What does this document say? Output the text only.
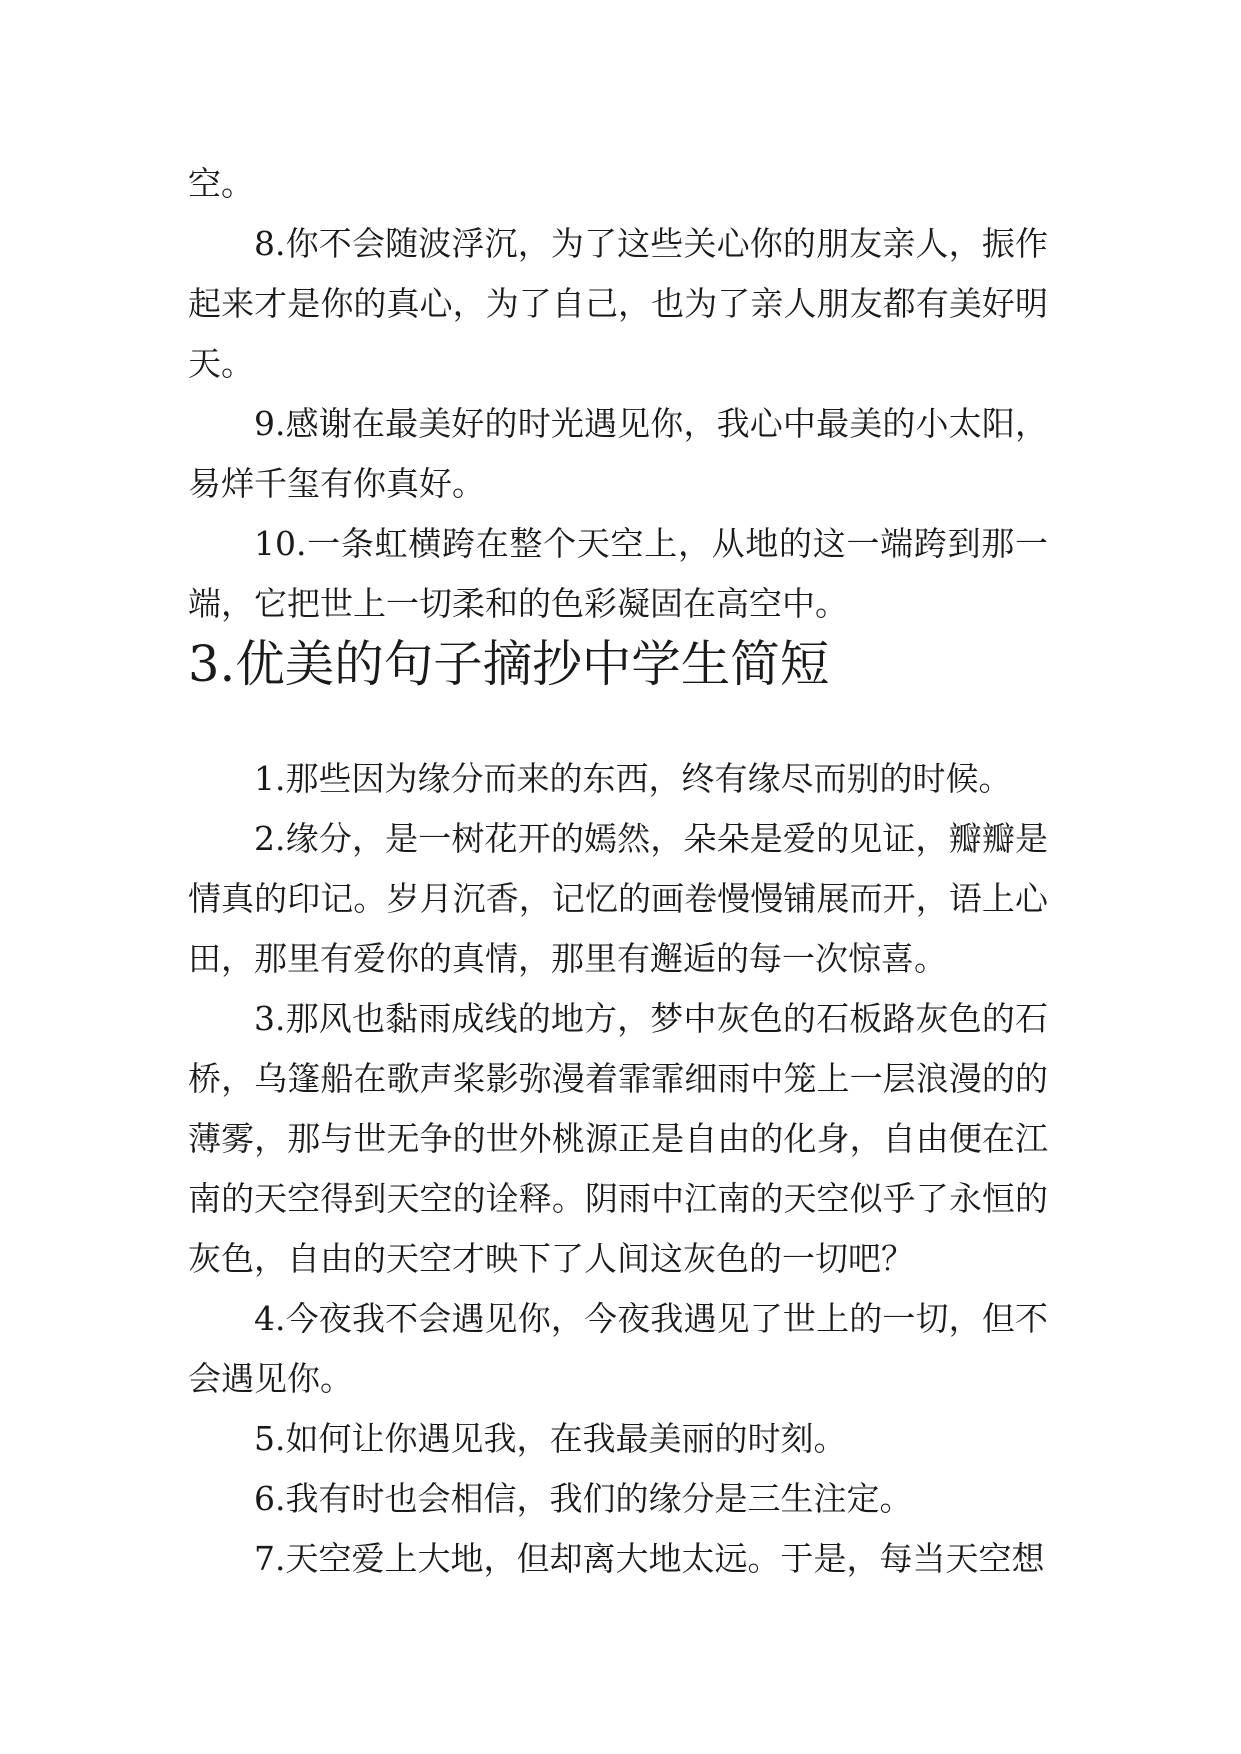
空。

8.你不会随波浮沉，为了这些关心你的朋友亲人，振作起来才是你的真心，为了自己，也为了亲人朋友都有美好明天。

9.感谢在最美好的时光遇见你，我心中最美的小太阳，易烊千玺有你真好。

10.一条虹横跨在整个天空上，从地的这一端跨到那一端，它把世上一切柔和的色彩凝固在高空中。

3.优美的句子摘抄中学生简短

1.那些因为缘分而来的东西，终有缘尽而别的时候。

2.缘分，是一树花开的嫣然，朵朵是爱的见证，瓣瓣是情真的印记。岁月沉香，记忆的画卷慢慢铺展而开，语上心田，那里有爱你的真情，那里有邂逅的每一次惊喜。

3.那风也黏雨成线的地方，梦中灰色的石板路灰色的石桥，乌篷船在歌声桨影弥漫着霏霏细雨中笼上一层浪漫的的薄雾，那与世无争的世外桃源正是自由的化身，自由便在江南的天空得到天空的诠释。阴雨中江南的天空似乎了永恒的灰色，自由的天空才映下了人间这灰色的一切吧？

4.今夜我不会遇见你，今夜我遇见了世上的一切，但不会遇见你。

5.如何让你遇见我，在我最美丽的时刻。

6.我有时也会相信，我们的缘分是三生注定。

7.天空爱上大地，但却离大地太远。于是，每当天空想
